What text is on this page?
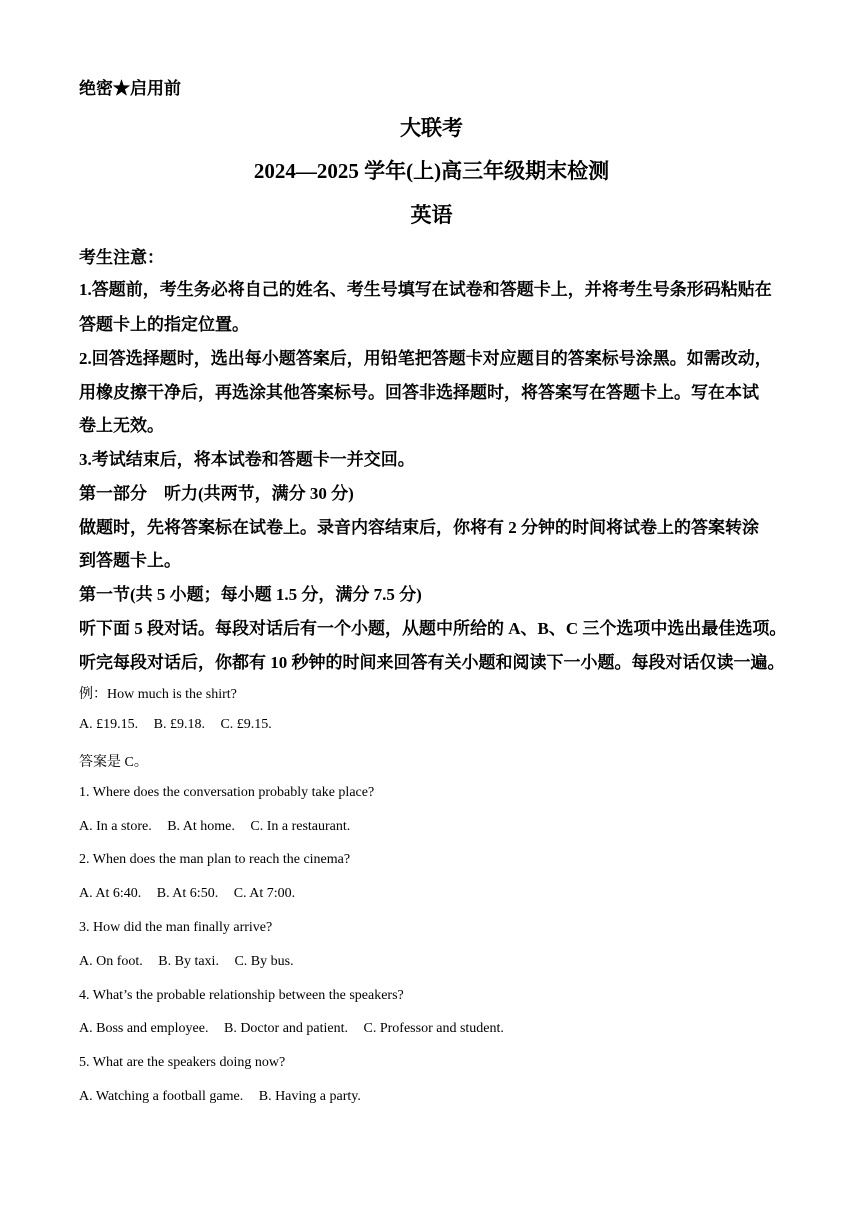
绝密★启用前
大联考
2024—2025 学年(上)高三年级期末检测
英语
考生注意：
1.答题前，考生务必将自己的姓名、考生号填写在试卷和答题卡上，并将考生号条形码粘贴在
答题卡上的指定位置。
2.回答选择题时，选出每小题答案后，用铅笔把答题卡对应题目的答案标号涂黑。如需改动，
用橡皮擦干净后，再选涂其他答案标号。回答非选择题时，将答案写在答题卡上。写在本试
卷上无效。
3.考试结束后，将本试卷和答题卡一并交回。
第一部分　听力(共两节，满分 30 分)
做题时，先将答案标在试卷上。录音内容结束后，你将有 2 分钟的时间将试卷上的答案转涂
到答题卡上。
第一节(共 5 小题；每小题 1.5 分，满分 7.5 分)
听下面 5 段对话。每段对话后有一个小题，从题中所给的 A、B、C 三个选项中选出最佳选项。
听完每段对话后，你都有 10 秒钟的时间来回答有关小题和阅读下一小题。每段对话仅读一遍。
例：How much is the shirt?
A. £19.15. B. £9.18. C. £9.15.
答案是 C。
1. Where does the conversation probably take place?
A. In a store. B. At home. C. In a restaurant.
2. When does the man plan to reach the cinema?
A. At 6:40. B. At 6:50. C. At 7:00.
3. How did the man finally arrive?
A. On foot. B. By taxi. C. By bus.
4. What’s the probable relationship between the speakers?
A. Boss and employee. B. Doctor and patient. C. Professor and student.
5. What are the speakers doing now?
A. Watching a football game. B. Having a party.
